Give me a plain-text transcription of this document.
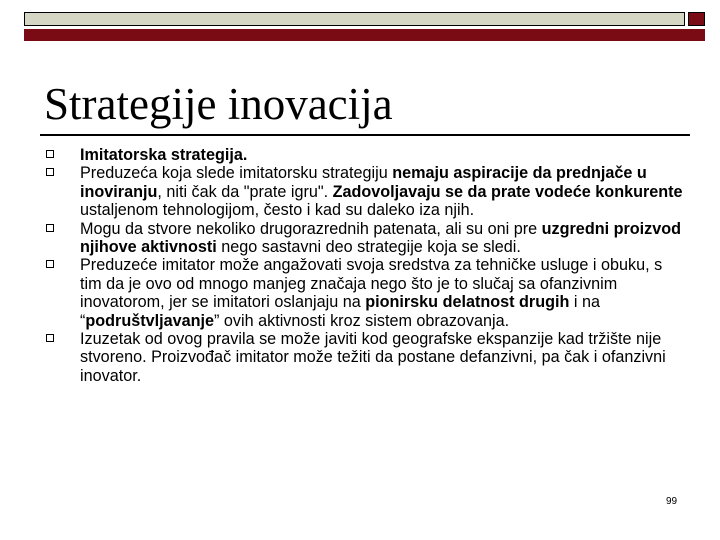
Strategije inovacija
Imitatorska strategija.
Preduzeća koja slede imitatorsku strategiju nemaju aspiracije da prednjače u inoviranju, niti čak da "prate igru". Zadovoljavaju se da prate vodeće konkurente ustaljenom tehnologijom, često i kad su daleko iza njih.
Mogu da stvore nekoliko drugorazrednih patenata, ali su oni pre uzgredni proizvod njihove aktivnosti nego sastavni deo strategije koja se sledi.
Preduzeće imitator može angažovati svoja sredstva za tehničke usluge i obuku, s tim da je ovo od mnogo manjeg značaja nego što je to slučaj sa ofanzivnim inovatorom, jer se imitatori oslanjaju na pionirsku delatnost drugih i na “podruštvljavanje” ovih aktivnosti kroz sistem obrazovanja.
Izuzetak od ovog pravila se može javiti kod geografske ekspanzije kad tržište nije stvoreno. Proizvođač imitator može težiti da postane defanzivni, pa čak i ofanzivni inovator.
99
